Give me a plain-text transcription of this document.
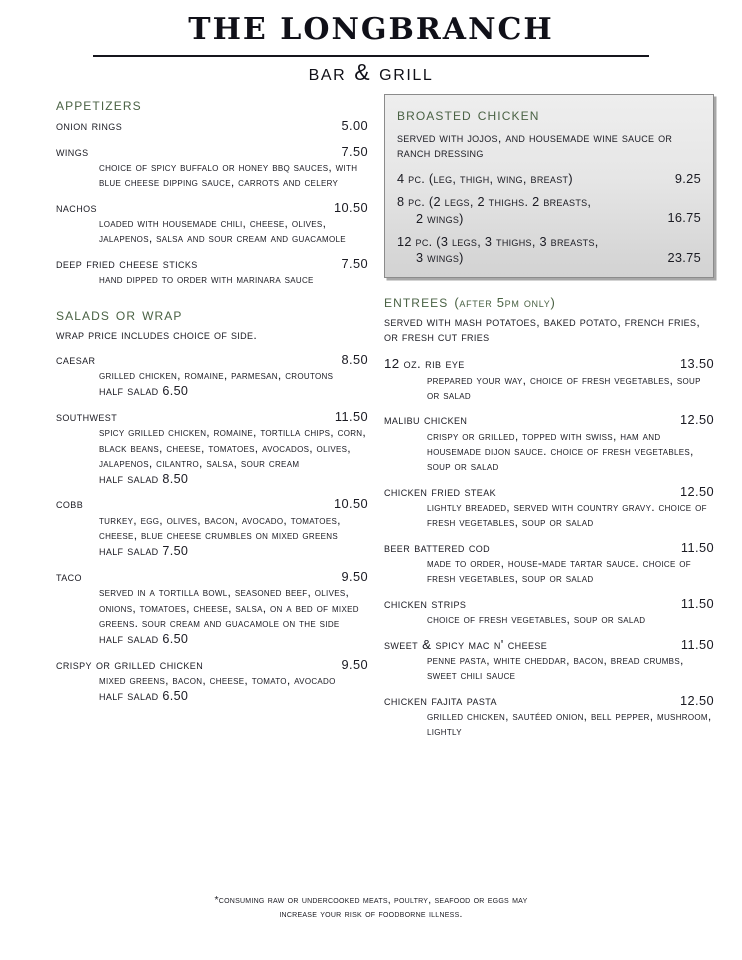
THE LONGBRANCH
bar & grill
appetizers
onion rings	5.00
wings	7.50
choice of spicy buffalo or honey bbq sauces, with blue cheese dipping sauce, carrots and celery
nachos	10.50
loaded with housemade chili, cheese, olives, jalapenos, salsa and sour cream and guacamole
deep fried cheese sticks	7.50
hand dipped to order with marinara sauce
salads or wrap
wrap price includes choice of side.
caesar	8.50
grilled chicken, romaine, parmesan, croutons
half salad 6.50
southwest	11.50
spicy grilled chicken, romaine, tortilla chips, corn, black beans, cheese, tomatoes, avocados, olives, jalapenos, cilantro, salsa, sour cream
half salad 8.50
cobb	10.50
turkey, egg, olives, bacon, avocado, tomatoes, cheese, blue cheese crumbles on mixed greens
half salad 7.50
taco	9.50
served in a tortilla bowl, seasoned beef, olives, onions, tomatoes, cheese, salsa, on a bed of mixed greens. sour cream and guacamole on the side
half salad 6.50
crispy or grilled chicken	9.50
mixed greens, bacon, cheese, tomato, avocado
half salad 6.50
broasted chicken
served with jojos, and housemade wine sauce or ranch dressing
4 pc. (leg, thigh, wing, breast)	9.25
8 pc. (2 legs, 2 thighs. 2 breasts,
2 wings)	16.75
12 pc. (3 legs, 3 thighs, 3 breasts,
3 wings)	23.75
entrees (after 5pm only)
served with mash potatoes, baked potato, french fries, or fresh cut fries
12 oz. rib eye	13.50
prepared your way, choice of fresh vegetables, soup or salad
malibu chicken	12.50
crispy or grilled, topped with swiss, ham and housemade dijon sauce. choice of fresh vegetables, soup or salad
chicken fried steak	12.50
lightly breaded, served with country gravy. choice of fresh vegetables, soup or salad
beer battered cod	11.50
made to order, house-made tartar sauce. choice of fresh vegetables, soup or salad
chicken strips	11.50
choice of fresh vegetables, soup or salad
sweet & spicy mac n' cheese	11.50
penne pasta, white cheddar, bacon, bread crumbs, sweet chili sauce
chicken fajita pasta	12.50
grilled chicken, sautéed onion, bell pepper, mushroom, lightly
*consuming raw or undercooked meats, poultry, seafood or eggs may
increase your risk of foodborne illness.
